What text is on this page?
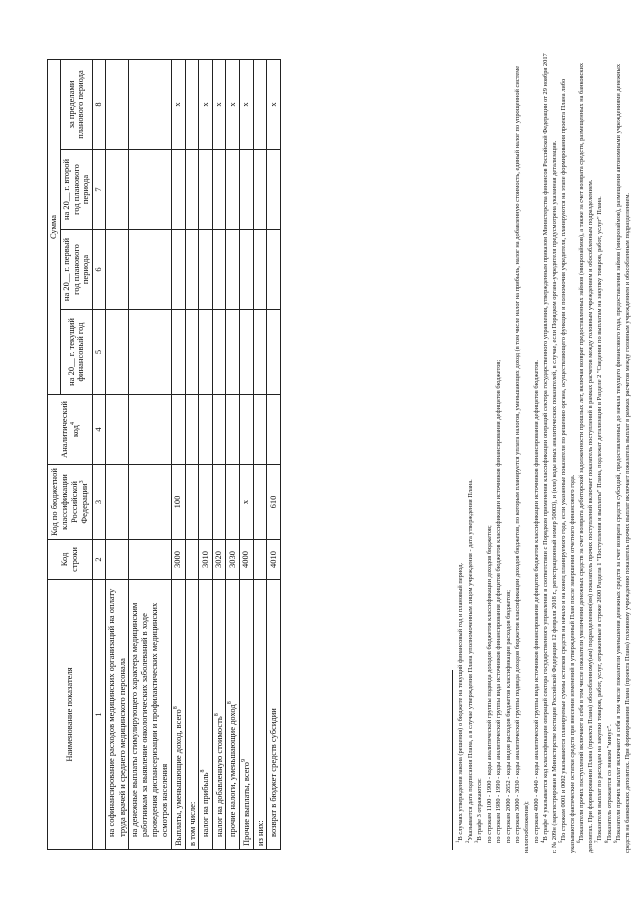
Наименование показателя	Код строки	Код по бюджетной классификации Российской Федерации$^3$	Аналитический код$^4$	Сумма			
				на 20__ г. текущий финансовый год	на 20__ г. первый год планового периода	на 20__ г. второй год планового периода	за пределами планового периода
1	2	3	4	5	6	7	8
на софинансирование расходов медицинских организаций на оплату труда врачей и среднего медицинского персонала							
на денежные выплаты стимулирующего характера медицинским работникам за выявление онкологических заболеваний в ходе проведения диспансеризации и профилактических медицинских осмотров населения							
Выплаты, уменьшающие доход, всего$^8$	3000	100					x
в том числе:							
налог на прибыль$^8$	3010						x
налог на добавленную стоимость$^8$	3020						x
прочие налоги, уменьшающие доход$^8$	3030						x
Прочие выплаты, всего$^9$	4000	x					x
из них:							
возврат в бюджет средств субсидии	4010	610					x

$^1$В случаях утверждения закона (решения) о бюджете на текущий финансовый год и плановый период.

$^2$Указывается дата подписания Плана, а в случае утверждения Плана уполномоченным лицом учреждения - дата утверждения Плана.

$^3$В графе 3 отражаются: по строкам 1100 - 1900 - коды аналитической группы подвида доходов бюджетов классификации доходов бюджетов; по строкам 1980 - 1990 - коды аналитической группы вида источников финансирования дефицитов бюджетов классификации источников финансирования дефицитов бюджетов; по строкам 2000 - 2652 - коды видов расходов бюджетов классификации расходов бюджетов; по строкам 3000 - 3030 - коды аналитической группы подвида доходов бюджетов классификации доходов бюджетов, по которым планируется уплата налогов, уменьшающих доход (в том числе налог на прибыль, налог на добавленную стоимость, единый налог по упрощенной системе налогообложения); по строкам 4000 - 4040 - коды аналитической группы вида источников финансирования дефицитов бюджетов классификации источников финансирования дефицитов бюджетов. $^4$В графе 4 указывается код классификации операций сектора государственного управления в соответствии с Порядком применения классификации операций сектора государственного управления, утвержденным приказом Министерства финансов Российской Федерации от 29 ноября 2017 г. № 209н (зарегистрирован в Министерстве юстиции Российской Федерации 12 февраля 2018 г., регистрационный номер 50003), и (или) коды иных аналитических показателей, в случае, если Порядком органа-учредителя предусмотрена указанная детализация. $^5$По строкам 0001 и 0002 указываются планируемые суммы остатков средств на начало и на конец планируемого года, если указанные показатели по решению органа, осуществляющего функции и полномочия учредителя, планируются на этапе формирования проекта Плана либо указываются фактические остатки средств при внесении изменений в утвержденный План после завершения отчетного финансового года. $^6$Показатели прочих поступлений включают в себя в том числе показатели увеличения денежных средств за счет возврата дебиторской задолженности прошлых лет, включая возврат предоставленных займов (микрозаймов), а также за счет возврата средств, размещенных на банковских депозитах. При формировании Плана (проекта Плана) обособленному(ым) подразделению(ям) показатель прочих поступлений включает показатель поступлений в рамках расчетов между головным учреждением и обособленным подразделением. $^7$Показатели выплат по расходам на закупки товаров, работ, услуг, отраженные в строке 2600 Раздела 1 "Поступления и выплаты" Плана, подлежат детализации в Разделе 2 "Сведения по выплатам на закупку товаров, работ, услуг" Плана.

$^8$Показатель отражается со знаком "минус".

$^9$Показатели прочих выплат включают в себя в том числе показатели уменьшения денежных средств за счет возврата средств субсидий, предоставленных до начала текущего финансового года, предоставления займов (микрозаймов), размещения автономными учреждениями денежных средств на банковских депозитах. При формировании Плана (проекта Плана) головному учреждению показатель прочих выплат включает показатель выплат в рамках расчетов между головным учреждением и обособленным подразделением.
